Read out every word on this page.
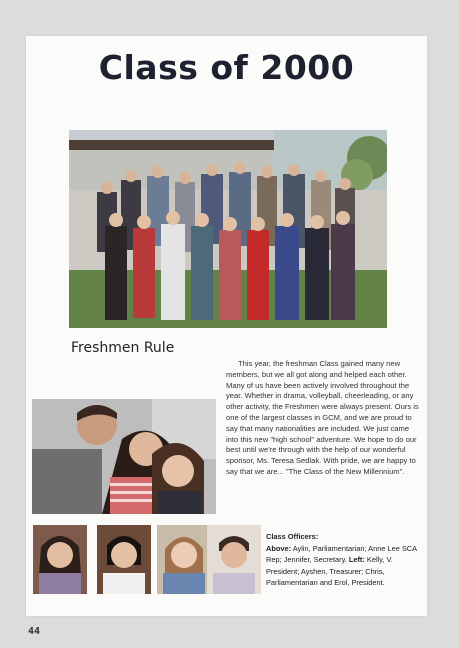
Class of 2000
Freshmen Rule
This year, the freshman Class gained many new members, but we all got along and helped each other. Many of us have been actively involved throughout the year. Whether in drama, volleyball, cheerleading, or any other activity, the Freshmen were always present. Ours is one of the largest classes in GCM, and we are proud to say that many nationalities are included. We just came into this new "high school" adventure. We hope to do our best until we're through with the help of our wonderful sponsor, Ms. Teresa Sedlak. With pride, we are happy to say that we are... "The Class of the New Millennium".
Class Officers:
Above: Aylin, Parliamentarian; Anne Lee SCA Rep; Jennifer, Secretary. Left: Kelly, V. President; Ayshen, Treasurer; Chris, Parliamentarian and Erol, President.
44
